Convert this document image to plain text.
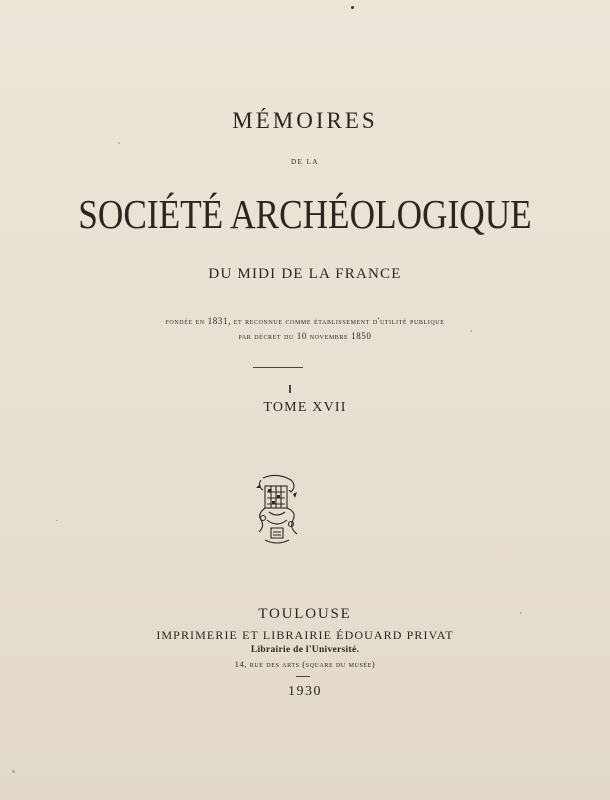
MÉMOIRES
DE LA
SOCIÉTÉ ARCHÉOLOGIQUE
DU MIDI DE LA FRANCE
fondée en 1831, et reconnue comme établissement d'utilité publique
par décret du 10 novembre 1850
TOME XVII
TOULOUSE
IMPRIMERIE ET LIBRAIRIE ÉDOUARD PRIVAT
Librairie de l'Université.
14, rue des arts (square du musée)
1930
